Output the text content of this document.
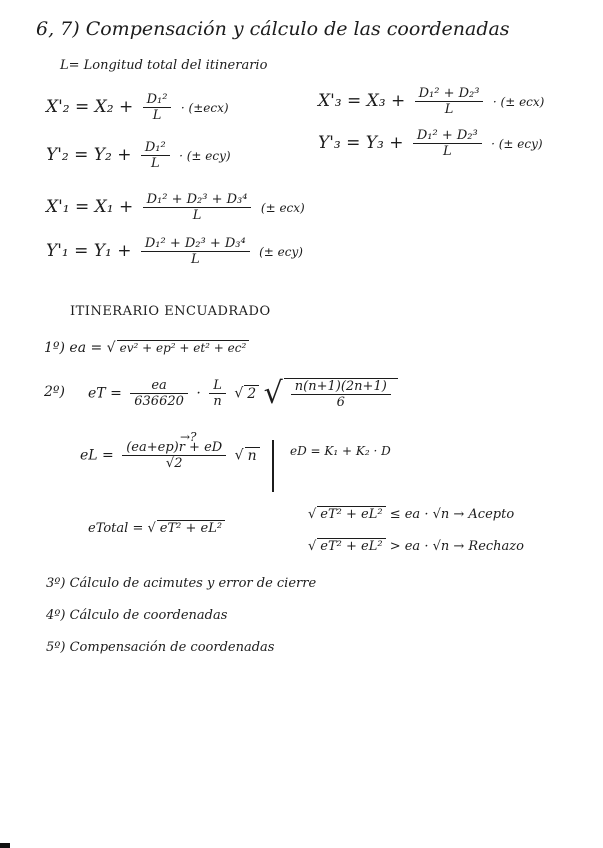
6, 7) Compensación y cálculo de las coordenadas
L= Longitud total del itinerario
$X'_2 = X_2 + \frac{\text{D₁²}}{L} \cdot (\pm ecx)$
$Y'_2 = Y_2 + \frac{\text{D₁²}}{L}$ · (± ecy)
$X'_3 = X_3 + \frac{\text{D₁² + D₂³}}{L}$ · (± ecx)
$Y'_3 = Y_3 + \frac{\text{D₁² + D₂³}}{L}$ · (± ecy)
$X'_1 = X_1 + \frac{\text{D₁² + D₂³ + D₃⁴}}{L}$ (± ecx)
$Y'_1 = Y_1 + \frac{\text{D₁² + D₂³ + D₃⁴}}{L}$ (± ecy)
ITINERARIO ENCUADRADO
1º) ea = √ ev² + ep² + et² + ec²
2º) eT = $\frac{ea}{636620} \cdot \frac{L}{n}$ √ 2 √ $\frac{n(n+1)(2n+1)}{6}$
eL = $\frac{(ea+ep)r + eD}{√2}$ √ n
→?
eD = K₁ + K₂ · D
eTotal = √ eT² + eL²
√ eT² + eL² ≤ ea · √n → Acepto
√ eT² + eL² > ea · √n → Rechazo
3º) Cálculo de acimutes y error de cierre
4º) Cálculo de coordenadas
5º) Compensación de coordenadas
